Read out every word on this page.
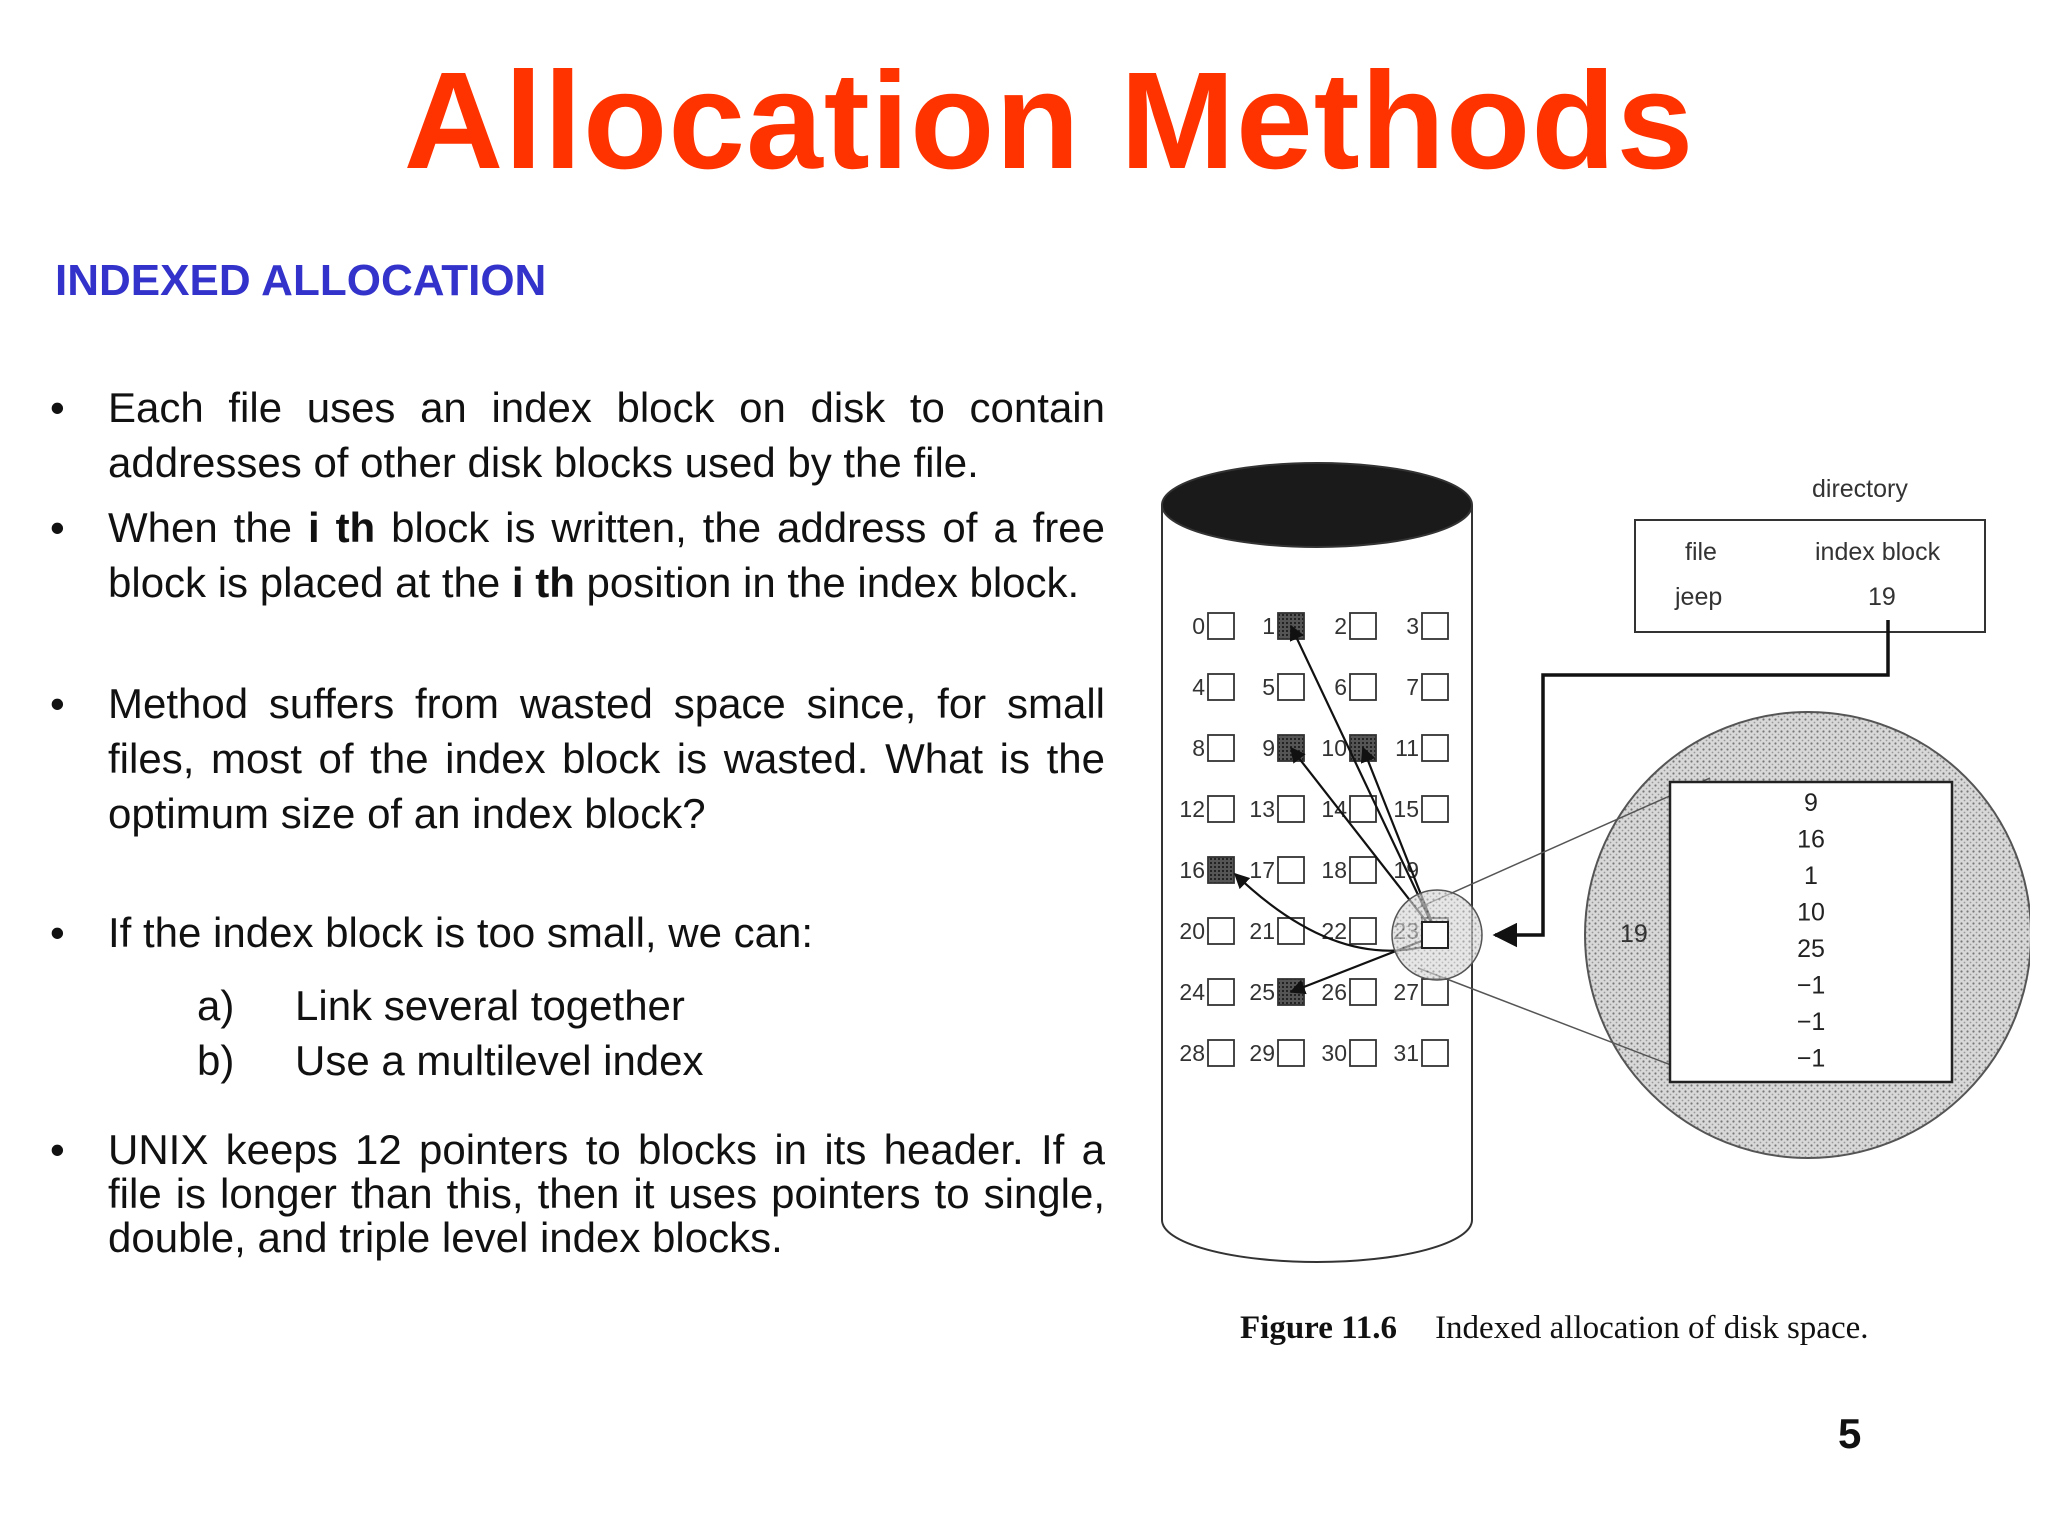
Allocation Methods
INDEXED ALLOCATION
• Each file uses an index block on disk to contain addresses of other disk blocks used by the file.
• When the i th block is written, the address of a free block is placed at the i th position in the index block.
• Method suffers from wasted space since, for small files, most of the index block is wasted. What is the optimum size of an index block?
• If the index block is too small, we can:
a) Link several together
b) Use a multilevel index
• UNIX keeps 12 pointers to blocks in its header. If a file is longer than this, then it uses pointers to single, double, and triple level index blocks.
0 1	2	3
4 5	6	7
8 9 10 11
12 13 14 15
16 17 18 19
20 21 22
24 25 26 27
28 29 30 31
directory
file	index block
jeep	19
19
9
16
1
10
25
−1
−1
−1
Figure 11.6 Indexed allocation of disk space.
5
